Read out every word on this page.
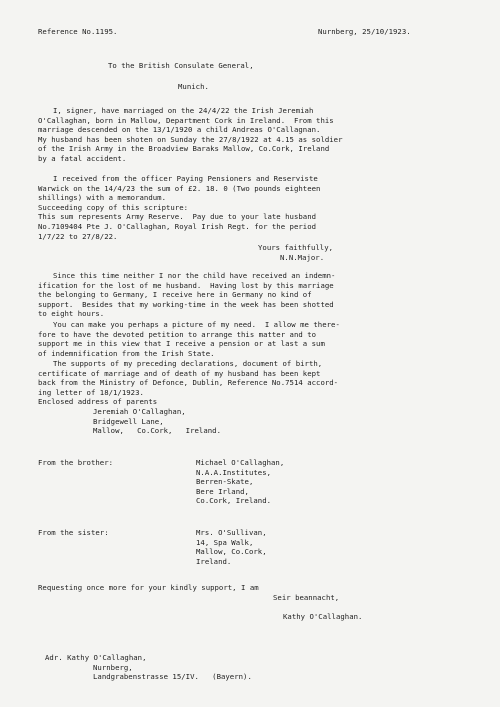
Reference No.1195.	Nurnberg, 25/10/1923.
To the British Consulate General,
Munich.
I, signer, have marriaged on the 24/4/22 the Irish Jeremiah
O'Callaghan, born in Mallow, Department Cork in Ireland.  From this
marriage descended on the 13/1/1920 a child Andreas O'Callagnan.
My husband has been shoten on Sunday the 27/8/1922 at 4.15 as soldier
of the Irish Army in the Broadview Baraks Mallow, Co.Cork, Ireland
by a fatal accident.
I received from the officer Paying Pensioners and Reserviste
Warwick on the 14/4/23 the sum of £2. 18. 0 (Two pounds eighteen
shillings) with a memorandum.
Succeeding copy of this scripture:
This sum represents Army Reserve.  Pay due to your late husband
No.7109404 Pte J. O'Callaghan, Royal Irish Regt. for the period
1/7/22 to 27/8/22.
Yours faithfully,
N.N.Major.
Since this time neither I nor the child have received an indemn-
ification for the lost of me husband.  Having lost by this marriage
the belonging to Germany, I receive here in Germany no kind of
support.  Besides that my working-time in the week has been shotted
to eight hours.
You can make you perhaps a picture of my need.  I allow me there-
fore to have the devoted petition to arrange this matter and to
support me in this view that I receive a pension or at last a sum
of indemnification from the Irish State.
The supports of my preceding declarations, document of birth,
certificate of marriage and of death of my husband has been kept
back from the Ministry of Defonce, Dublin, Reference No.7514 accord-
ing letter of 18/1/1923.
Enclosed address of parents
Jeremiah O'Callaghan,
Bridgewell Lane,
Mallow,   Co.Cork,   Ireland.
From the brother:	Michael O'Callaghan,
N.A.A.Institutes,
Berren-Skate,
Bere Irland,
Co.Cork, Ireland.
From the sister:	Mrs. O'Sullivan,
14, Spa Walk,
Mallow, Co.Cork,
Ireland.
Requesting once more for your kindly support, I am
Seir beannacht,
Kathy O'Callaghan.
Adr. Kathy O'Callaghan,
Nurnberg,
Landgrabenstrasse 15/IV.   (Bayern).
